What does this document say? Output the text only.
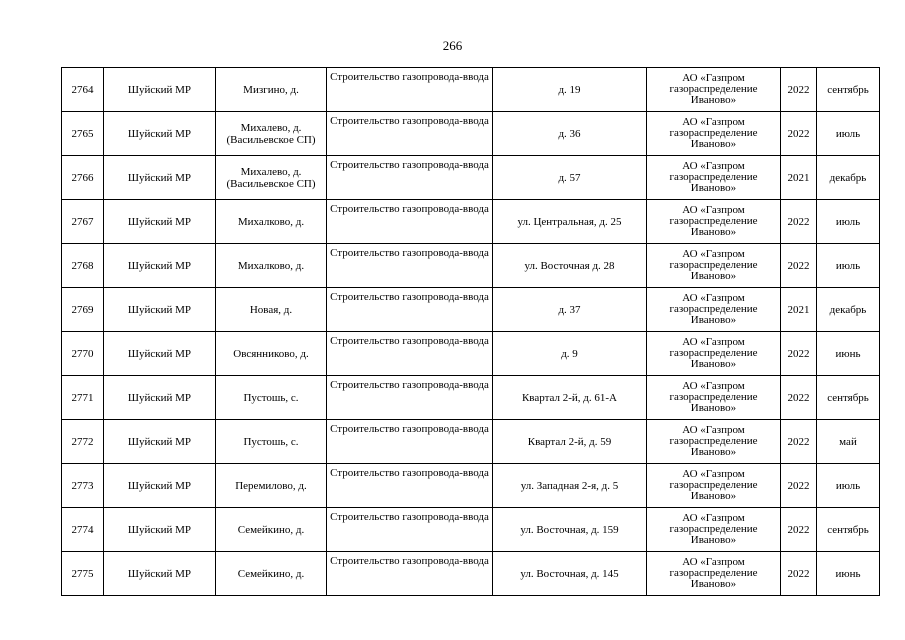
266
2764	Шуйский МР	Мизгино, д.	Строительство газопровода-ввода	д. 19	АО «Газпром газораспределение Иваново»	2022	сентябрь
2765	Шуйский МР	Михалево, д. (Васильевское СП)	Строительство газопровода-ввода	д. 36	АО «Газпром газораспределение Иваново»	2022	июль
2766	Шуйский МР	Михалево, д. (Васильевское СП)	Строительство газопровода-ввода	д. 57	АО «Газпром газораспределение Иваново»	2021	декабрь
2767	Шуйский МР	Михалково, д.	Строительство газопровода-ввода	ул. Центральная, д. 25	АО «Газпром газораспределение Иваново»	2022	июль
2768	Шуйский МР	Михалково, д.	Строительство газопровода-ввода	ул. Восточная д. 28	АО «Газпром газораспределение Иваново»	2022	июль
2769	Шуйский МР	Новая, д.	Строительство газопровода-ввода	д. 37	АО «Газпром газораспределение Иваново»	2021	декабрь
2770	Шуйский МР	Овсянниково, д.	Строительство газопровода-ввода	д. 9	АО «Газпром газораспределение Иваново»	2022	июнь
2771	Шуйский МР	Пустошь, с.	Строительство газопровода-ввода	Квартал 2-й, д. 61-А	АО «Газпром газораспределение Иваново»	2022	сентябрь
2772	Шуйский МР	Пустошь, с.	Строительство газопровода-ввода	Квартал 2-й, д. 59	АО «Газпром газораспределение Иваново»	2022	май
2773	Шуйский МР	Перемилово, д.	Строительство газопровода-ввода	ул. Западная 2-я, д. 5	АО «Газпром газораспределение Иваново»	2022	июль
2774	Шуйский МР	Семейкино, д.	Строительство газопровода-ввода	ул. Восточная, д. 159	АО «Газпром газораспределение Иваново»	2022	сентябрь
2775	Шуйский МР	Семейкино, д.	Строительство газопровода-ввода	ул. Восточная, д. 145	АО «Газпром газораспределение Иваново»	2022	июнь
